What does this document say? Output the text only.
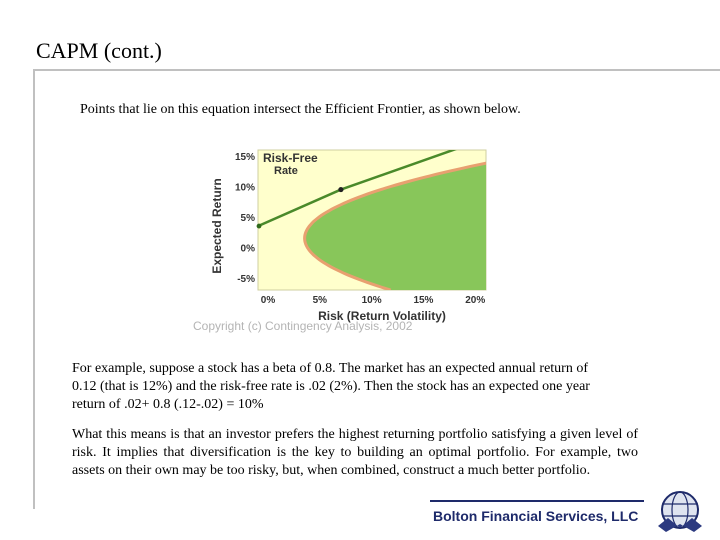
CAPM (cont.)
Points that lie on this equation intersect the Efficient Frontier, as shown below.
Risk-Free
Rate
15%
10%
5%
0%
-5%
0%	5%	10%	15%	20%
Risk (Return Volatility)
Expected Return
Copyright (c) Contingency Analysis, 2002
For example, suppose a stock has a beta of 0.8. The market has an expected annual return of 0.12 (that is 12%) and the risk-free rate is .02 (2%). Then the stock has an expected one year return of .02+ 0.8 (.12-.02) = 10%
What this means is that an investor prefers the highest returning portfolio satisfying a given level of risk. It implies that diversification is the key to building an optimal portfolio. For example, two assets on their own may be too risky, but, when combined, construct a much better portfolio.
Bolton Financial Services, LLC
